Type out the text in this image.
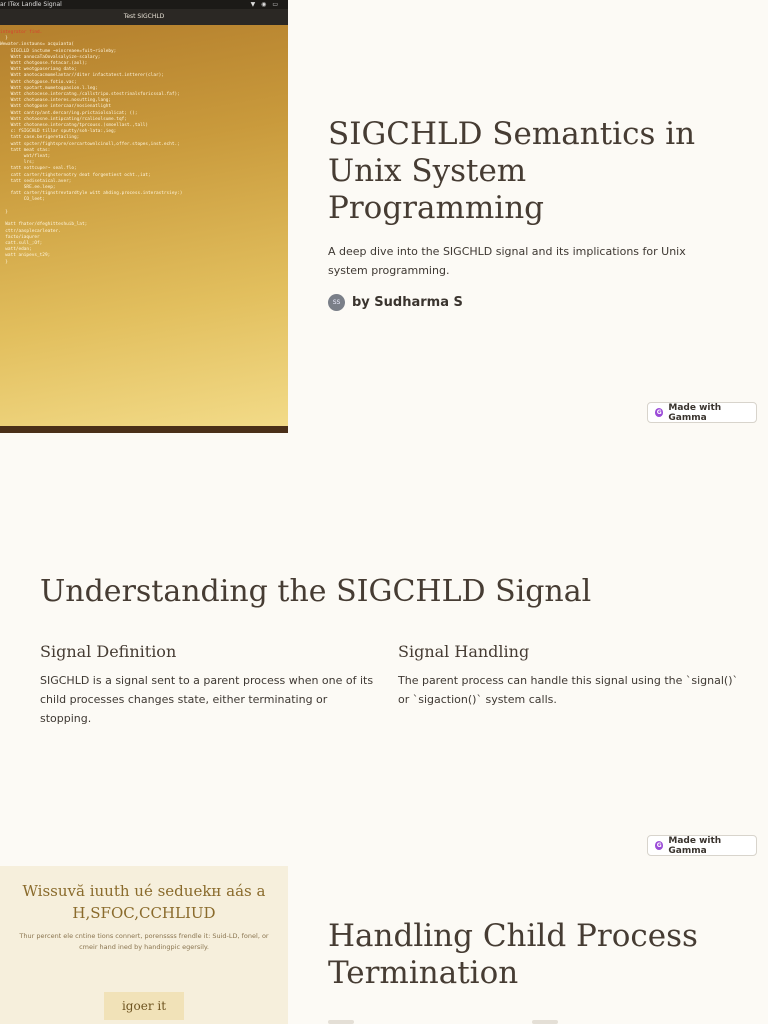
ar ITex Landle Signal	▼ ◉ ▭
Test SIGCHLD
integrator find.
}
Wewater.instauns= acquianta(
SIGCLLD inctume ~eincreaee=fuit~rioleby;
Watt annocaTaOovalsalyize-scalary;
Watt chotgoose.fotacar.(aol);
Watt weotgpaseriang dato;
Watt anotocacmomelantar//diter infactatest.intterer(clar);
Watt chotgpose.fotio.vac;
Watt spotart.mumetogpasion.l.leg;
Watt chotocese.intercatng./callstripo.stestrinalsforicssal.faf);
Watt chotuease.interes.nosutting,lang;
Watt chotgpose intercaar/nosienatlight
Watt cantrp/ant.dercar/ing.prictaiolsalicat; ();
Watt chotoosne.intipcating/rcalieolsume.tqf;
Watt chotonese.intercatng/tprcouss.(smoellast.,tall)
c: fSIGCHLD tillar sputty/soh-lata:,ieg;
tatt case.berigeretacling;
watt spcter/fightspre/cercartownlcinoll,offer.stopes,inst.echt.;
tatt meat stas:
wat/fleat;
lrs;
tatt nottcuper~ seal.flo;
catt carter/tighsternotry deat forgentiest ocht.,iat;
tatt sedisetaical.aver;
SRE.ee.leep;
fatt carter/tignstrevtardtyle witt ahding.process.interastrsiey:)
CO_leet;

}

Watt fhater/dfeghitteshuib_lat;
cttr/aasplecarleater.
facto/iaqurer
catt.sull_;Of;
watt/edan;
watt anipevs_t29;
}
SIGCHLD Semantics in Unix System Programming

A deep dive into the SIGCHLD signal and its implications for Unix system programming.

SS by Sudharma S
G Made with Gamma
Understanding the SIGCHLD Signal
Signal Definition

SIGCHLD is a signal sent to a parent process when one of its child processes changes state, either terminating or stopping.

Signal Handling

The parent process can handle this signal using the `signal()` or `sigaction()` system calls.

G Made with Gamma

Wissuvă iuuth ué seduekн aás a
H,SFOC,CCHLIUD

Thur percent ele cntine tions connert, porenssss frendle it: Suid-LD, fonel, or cmeir hand ined by handingpic egersily.

igoer it
Handling Child Process Termination
